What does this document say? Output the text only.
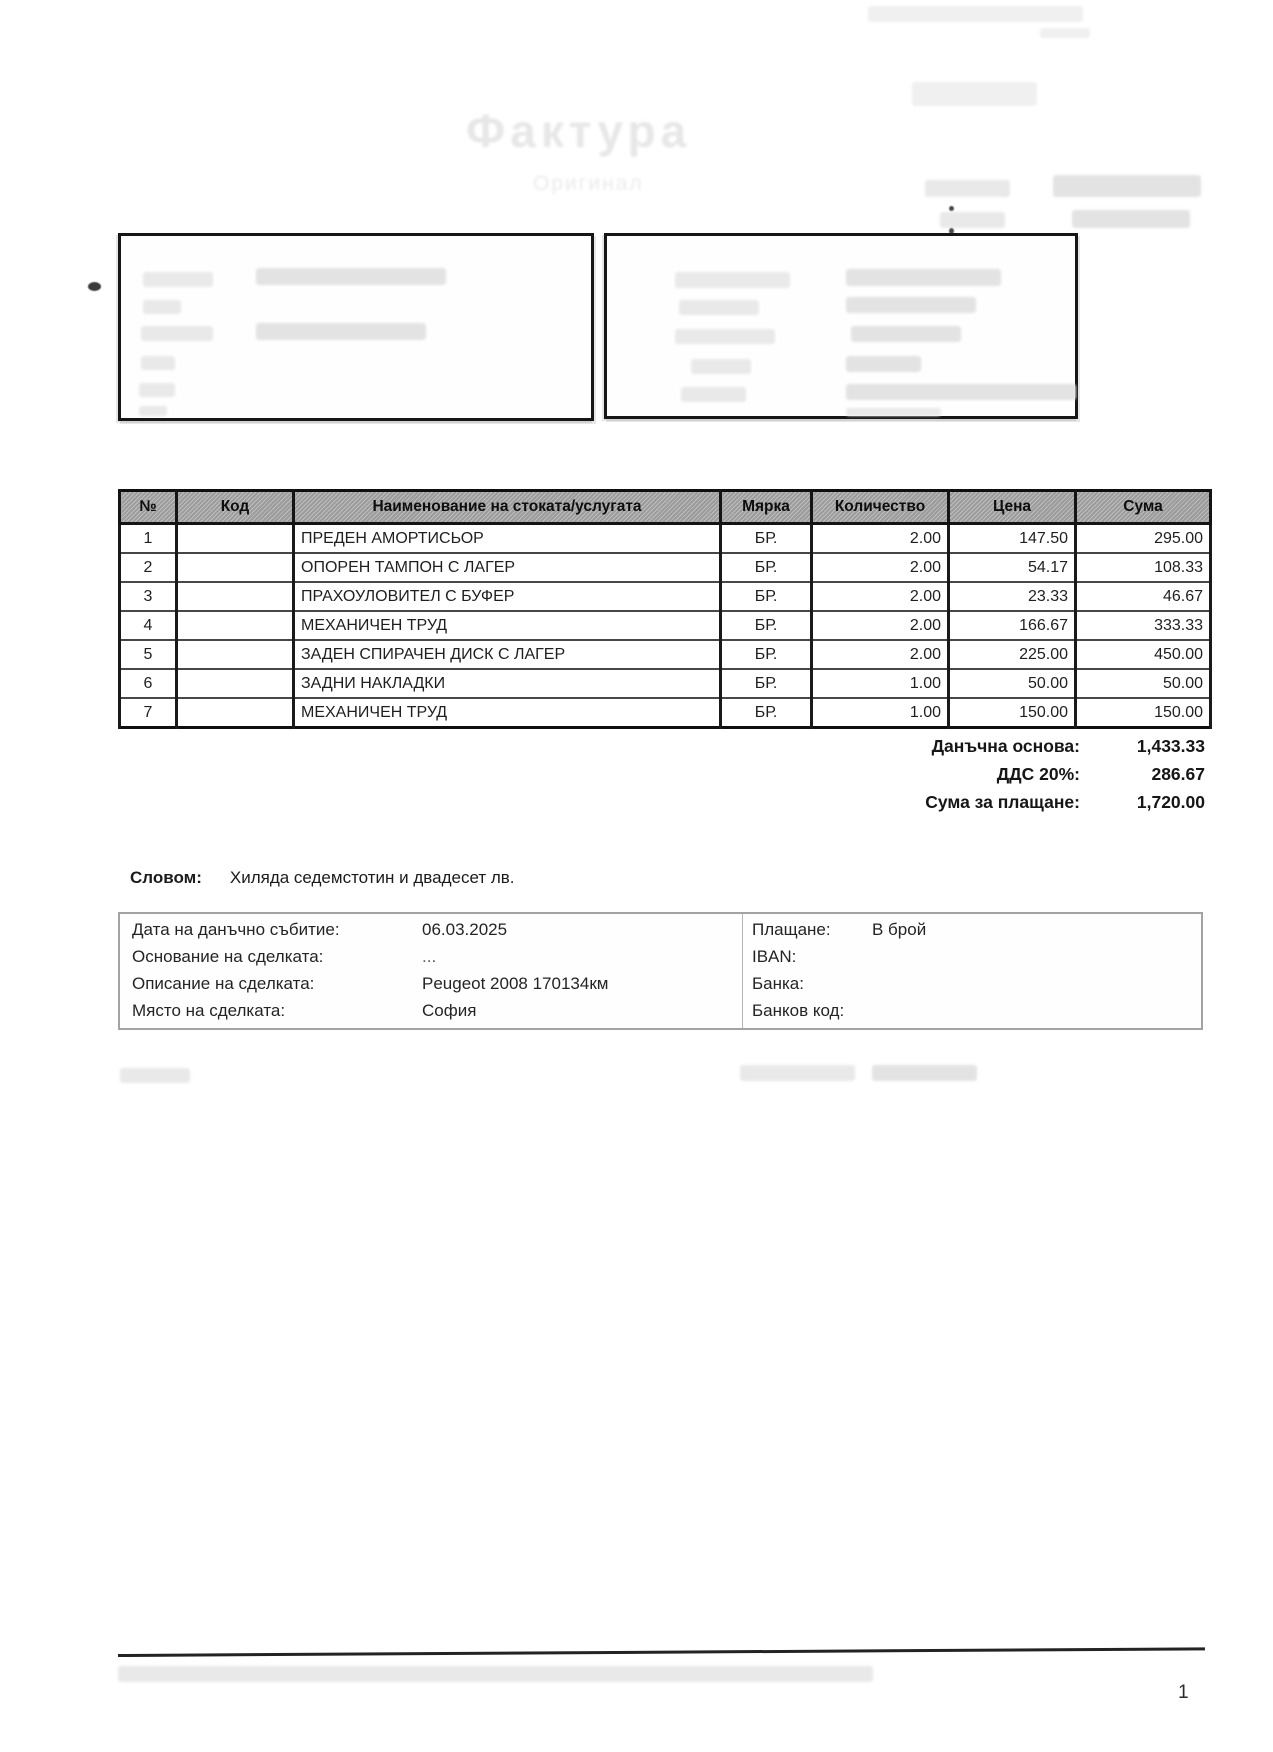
Фактура
Оригинал
№	Код	Наименование на стоката/услугата	Мярка	Количество	Цена	Сума
1		ПРЕДЕН АМОРТИСЬОР	БР.	2.00	147.50	295.00
2		ОПОРЕН ТАМПОН С ЛАГЕР	БР.	2.00	54.17	108.33
3		ПРАХОУЛОВИТЕЛ С БУФЕР	БР.	2.00	23.33	46.67
4		МЕХАНИЧЕН ТРУД	БР.	2.00	166.67	333.33
5		ЗАДЕН СПИРАЧЕН ДИСК С ЛАГЕР	БР.	2.00	225.00	450.00
6		ЗАДНИ НАКЛАДКИ	БР.	1.00	50.00	50.00
7		МЕХАНИЧЕН ТРУД	БР.	1.00	150.00	150.00
Данъчна основа:	1,433.33
ДДС 20%:	286.67
Сума за плащане:	1,720.00
Словом: Хиляда седемстотин и двадесет лв.
Дата на данъчно събитие:	06.03.2025
Основание на сделката:	...
Описание на сделката:	Peugeot 2008 170134км
Място на сделката:	София
Плащане:	В брой
IBAN:
Банка:
Банков код:
1
